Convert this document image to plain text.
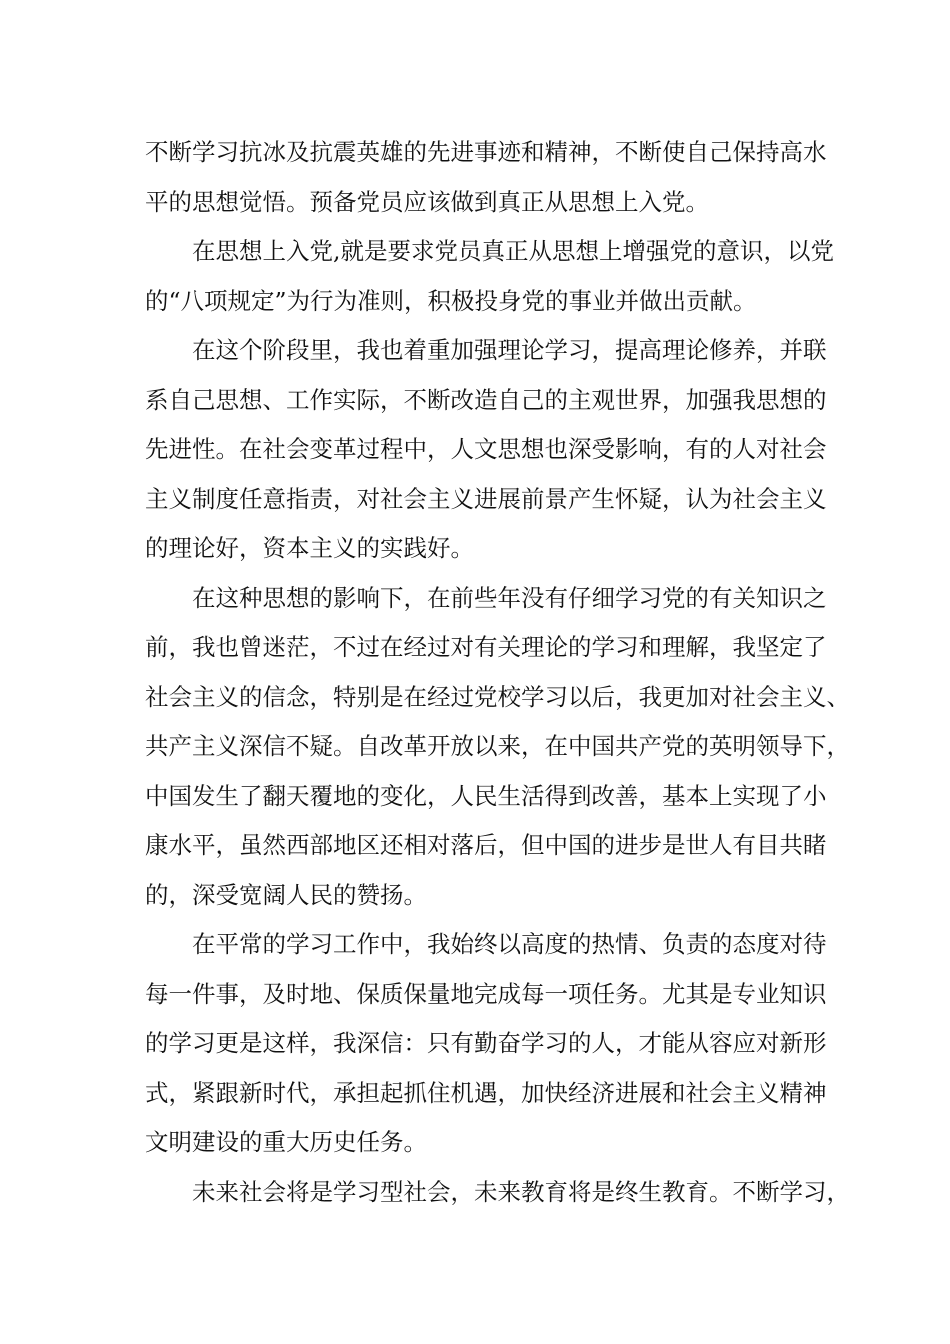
不断学习抗冰及抗震英雄的先进事迹和精神，不断使自己保持高水
平的思想觉悟。预备党员应该做到真正从思想上入党。
在思想上入党,就是要求党员真正从思想上增强党的意识，以党
的“八项规定”为行为准则，积极投身党的事业并做出贡献。
在这个阶段里，我也着重加强理论学习，提高理论修养，并联
系自己思想、工作实际，不断改造自己的主观世界，加强我思想的
先进性。在社会变革过程中，人文思想也深受影响，有的人对社会
主义制度任意指责，对社会主义进展前景产生怀疑，认为社会主义
的理论好，资本主义的实践好。
在这种思想的影响下，在前些年没有仔细学习党的有关知识之
前，我也曾迷茫，不过在经过对有关理论的学习和理解，我坚定了
社会主义的信念，特别是在经过党校学习以后，我更加对社会主义、
共产主义深信不疑。自改革开放以来，在中国共产党的英明领导下，
中国发生了翻天覆地的变化，人民生活得到改善，基本上实现了小
康水平，虽然西部地区还相对落后，但中国的进步是世人有目共睹
的，深受宽阔人民的赞扬。
在平常的学习工作中，我始终以高度的热情、负责的态度对待
每一件事，及时地、保质保量地完成每一项任务。尤其是专业知识
的学习更是这样，我深信：只有勤奋学习的人，才能从容应对新形
式，紧跟新时代，承担起抓住机遇，加快经济进展和社会主义精神
文明建设的重大历史任务。
未来社会将是学习型社会，未来教育将是终生教育。不断学习，
